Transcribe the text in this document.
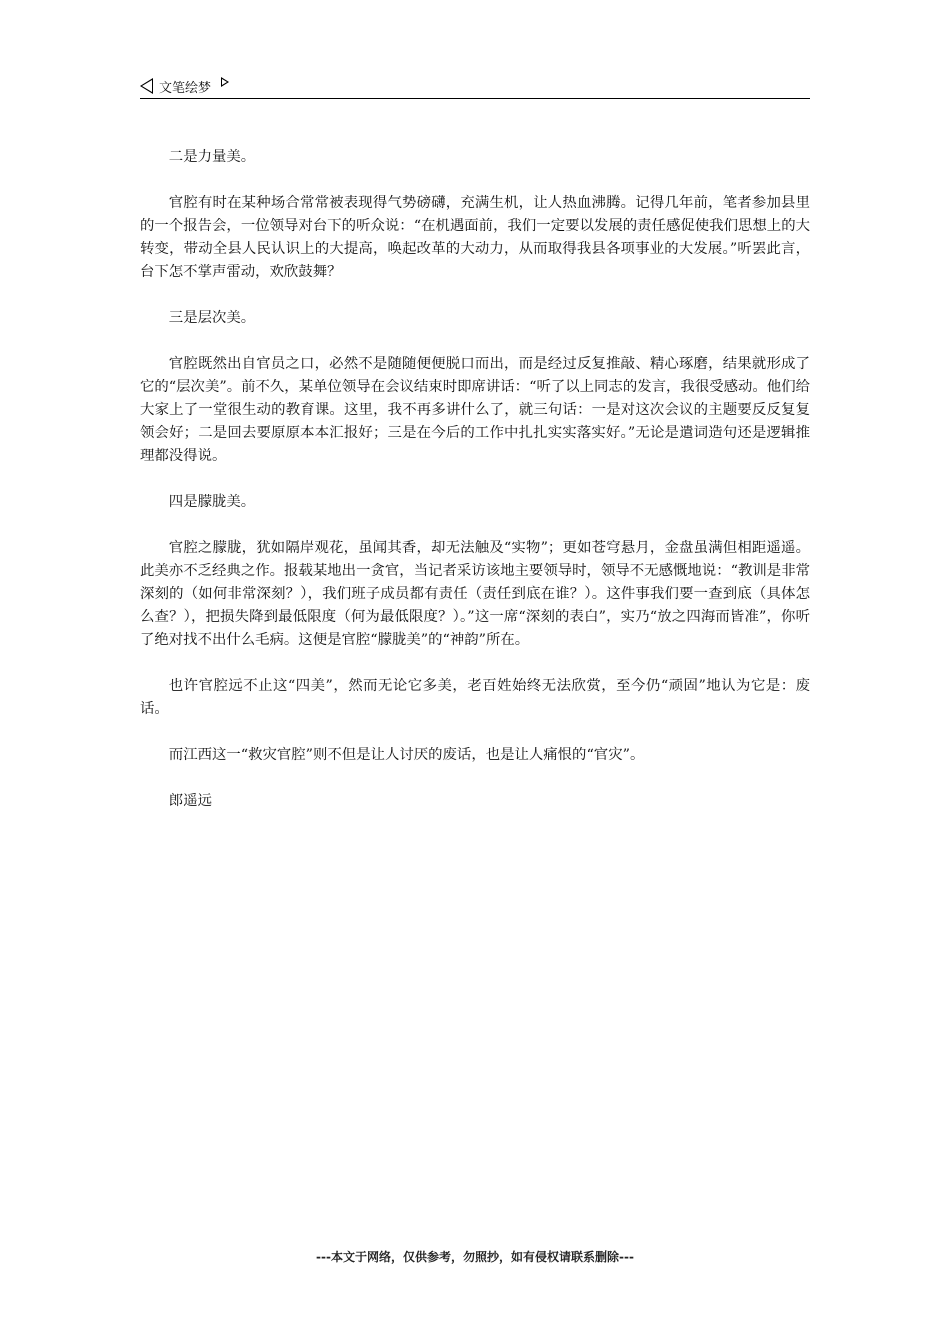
文笔绘梦

二是力量美。

官腔有时在某种场合常常被表现得气势磅礴，充满生机，让人热血沸腾。记得几年前，笔者参加县里的一个报告会，一位领导对台下的听众说：“在机遇面前，我们一定要以发展的责任感促使我们思想上的大转变，带动全县人民认识上的大提高，唤起改革的大动力，从而取得我县各项事业的大发展。”听罢此言，台下怎不掌声雷动，欢欣鼓舞？

三是层次美。

官腔既然出自官员之口，必然不是随随便便脱口而出，而是经过反复推敲、精心琢磨，结果就形成了它的“层次美”。前不久，某单位领导在会议结束时即席讲话：“听了以上同志的发言，我很受感动。他们给大家上了一堂很生动的教育课。这里，我不再多讲什么了，就三句话：一是对这次会议的主题要反反复复领会好；二是回去要原原本本汇报好；三是在今后的工作中扎扎实实落实好。”无论是遣词造句还是逻辑推理都没得说。

四是朦胧美。

官腔之朦胧，犹如隔岸观花，虽闻其香，却无法触及“实物”；更如苍穹悬月，金盘虽满但相距遥遥。此美亦不乏经典之作。报载某地出一贪官，当记者采访该地主要领导时，领导不无感慨地说：“教训是非常深刻的（如何非常深刻？），我们班子成员都有责任（责任到底在谁？）。这件事我们要一查到底（具体怎么查？），把损失降到最低限度（何为最低限度？）。”这一席“深刻的表白”，实乃“放之四海而皆准”，你听了绝对找不出什么毛病。这便是官腔“朦胧美”的“神韵”所在。

也许官腔远不止这“四美”，然而无论它多美，老百姓始终无法欣赏，至今仍“顽固”地认为它是：废话。

而江西这一“救灾官腔”则不但是让人讨厌的废话，也是让人痛恨的“官灾”。

郎遥远

---本文于网络，仅供参考，勿照抄，如有侵权请联系删除---
